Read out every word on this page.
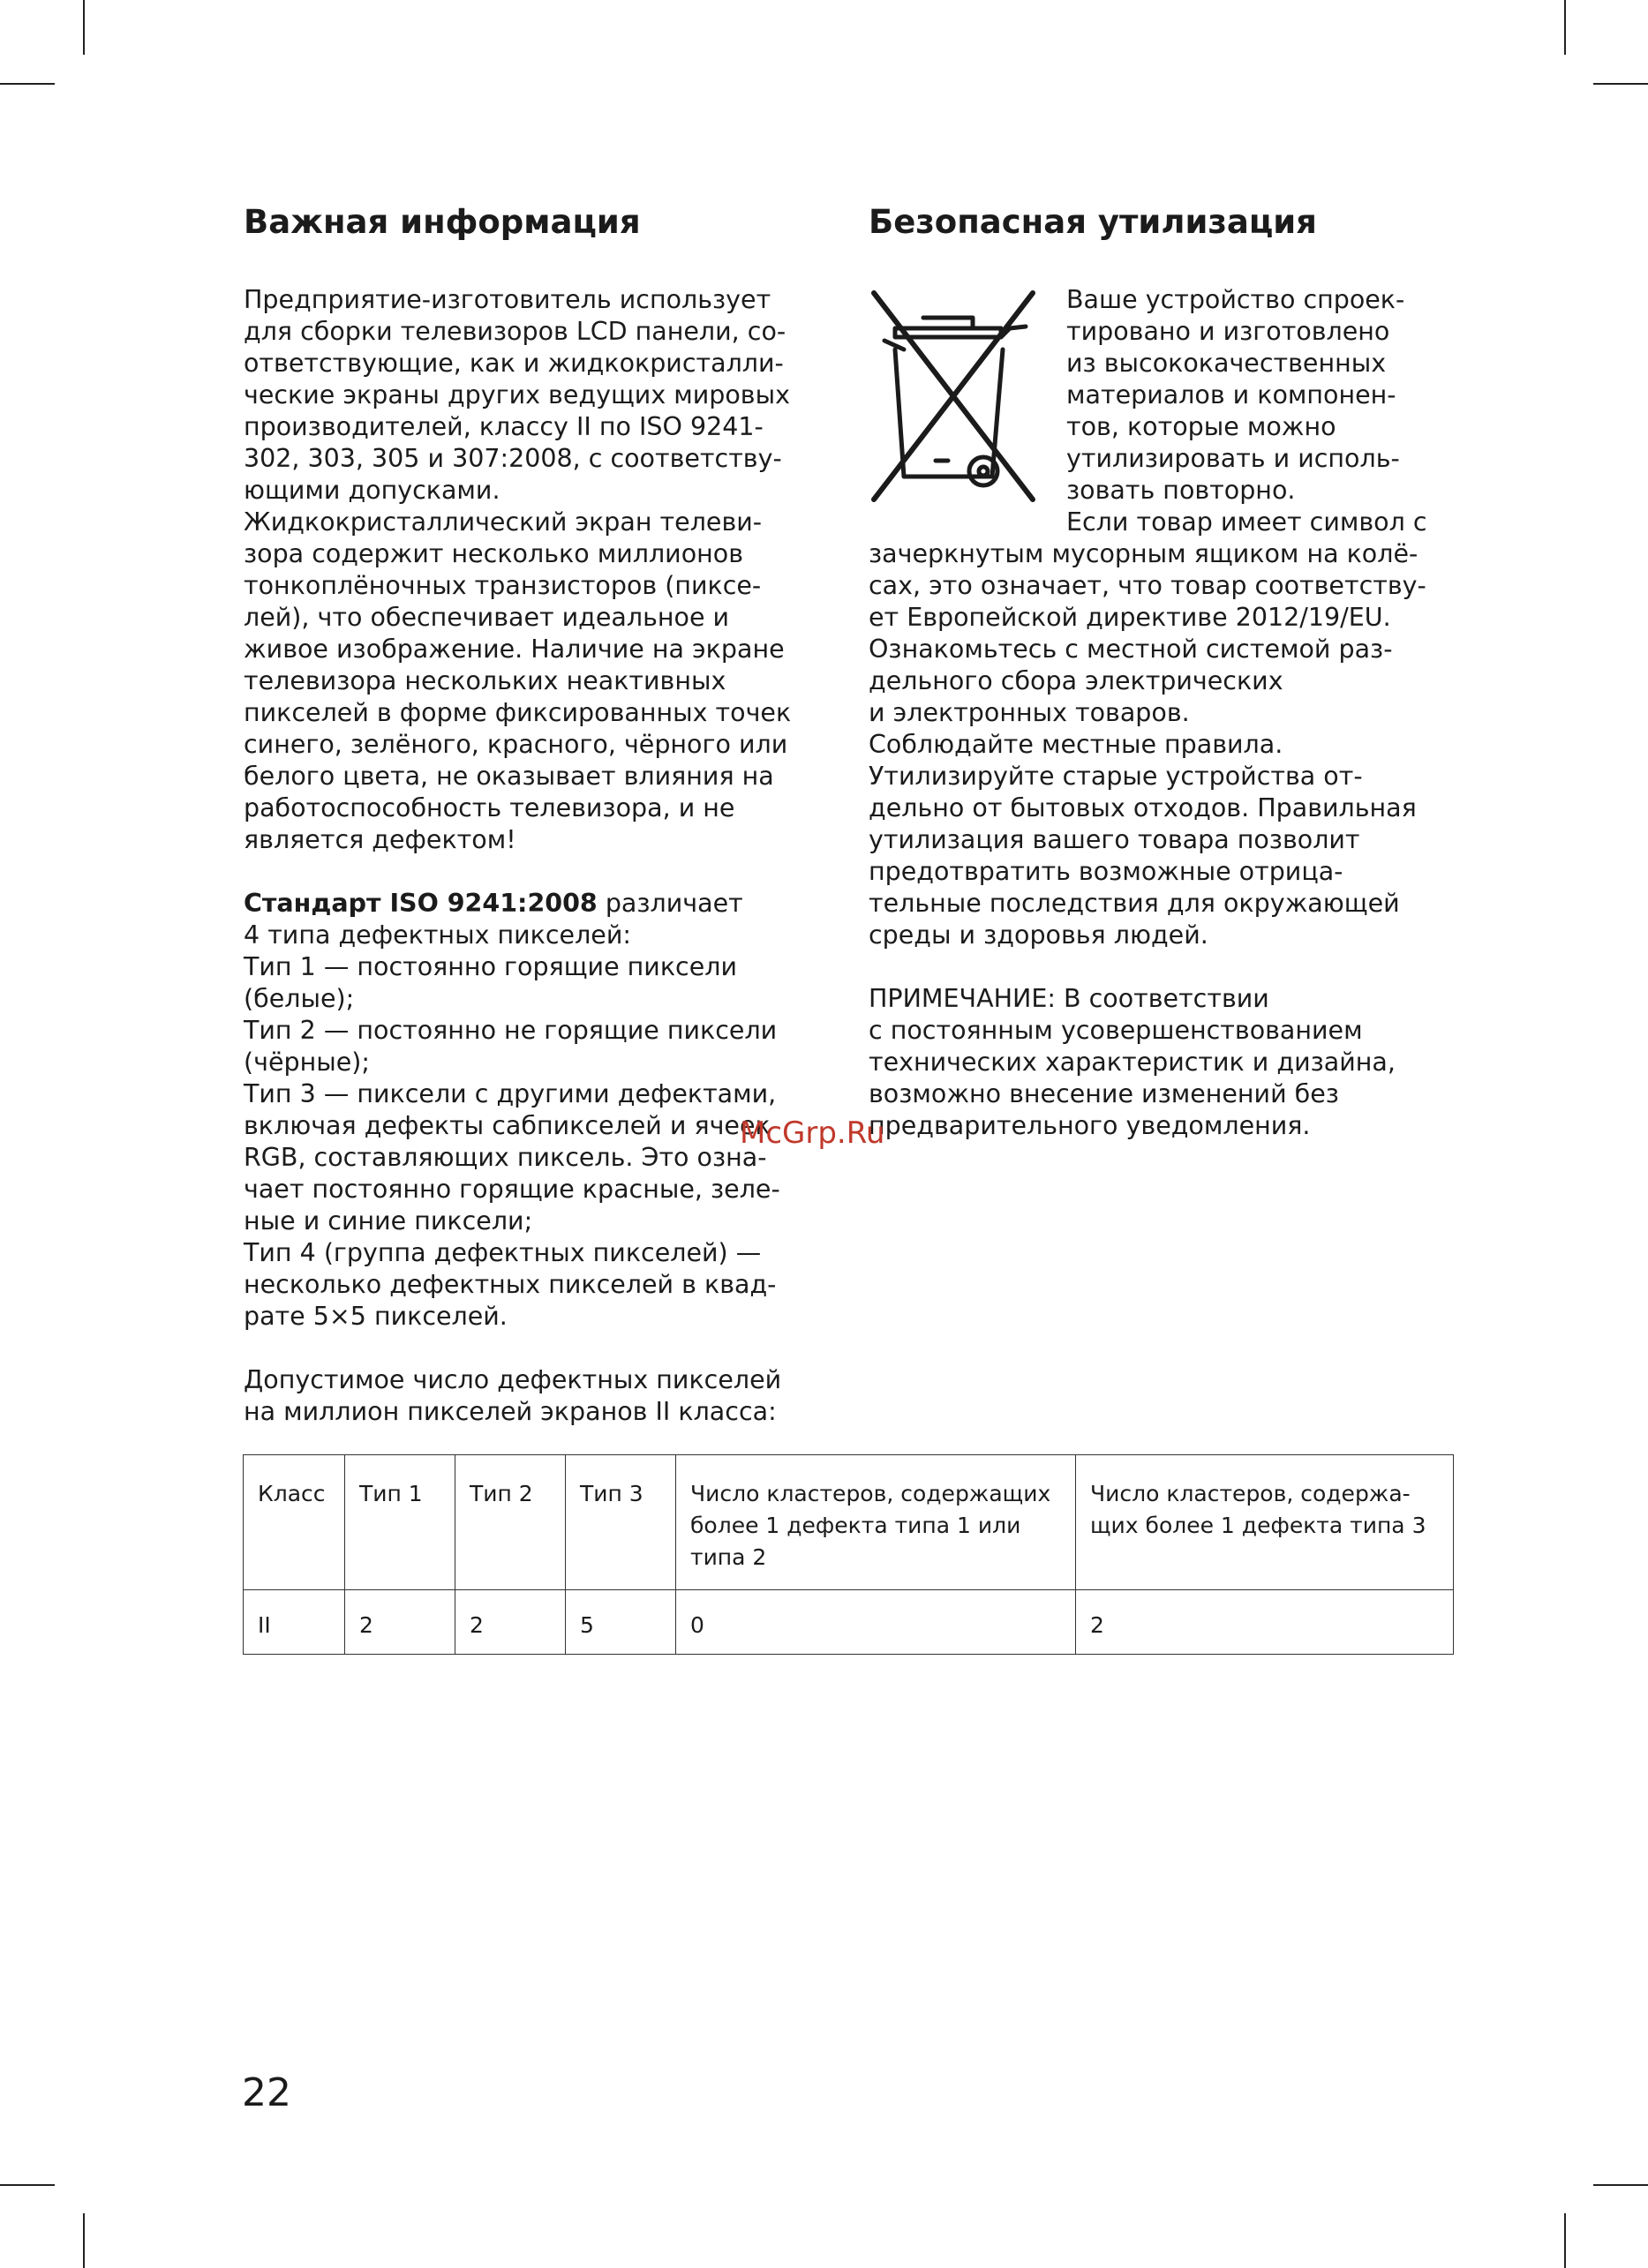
Важная информация

Предприятие-изготовитель использует
для сборки телевизоров LCD панели, со-
ответствующие, как и жидкокристалли-
ческие экраны других ведущих мировых
производителей, классу II по ISO 9241-
302, 303, 305 и 307:2008, с соответству-
ющими допусками.
Жидкокристаллический экран телеви-
зора содержит несколько миллионов
тонкоплёночных транзисторов (пиксе-
лей), что обеспечивает идеальное и
живое изображение. Наличие на экране
телевизора нескольких неактивных
пикселей в форме фиксированных точек
синего, зелёного, красного, чёрного или
белого цвета, не оказывает влияния на
работоспособность телевизора, и не
является дефектом!

Стандарт ISO 9241:2008 различает
4 типа дефектных пикселей:
Тип 1 — постоянно горящие пиксели
(белые);
Тип 2 — постоянно не горящие пиксели
(чёрные);
Тип 3 — пиксели с другими дефектами,
включая дефекты сабпикселей и ячеек
RGB, составляющих пиксель. Это озна-
чает постоянно горящие красные, зеле-
ные и синие пиксели;
Тип 4 (группа дефектных пикселей) —
несколько дефектных пикселей в квад-
рате 5×5 пикселей.

Допустимое число дефектных пикселей
на миллион пикселей экранов II класса:

Безопасная утилизация

Ваше устройство спроек-
тировано и изготовлено
из высококачественных
материалов и компонен-
тов, которые можно
утилизировать и исполь-
зовать повторно.
Если товар имеет символ с

зачеркнутым мусорным ящиком на колё-
сах, это означает, что товар соответству-
ет Европейской директиве 2012/19/EU.
Ознакомьтесь с местной системой раз-
дельного сбора электрических
и электронных товаров.
Соблюдайте местные правила.
Утилизируйте старые устройства от-
дельно от бытовых отходов. Правильная
утилизация вашего товара позволит
предотвратить возможные отрица-
тельные последствия для окружающей
среды и здоровья людей.

ПРИМЕЧАНИЕ: В соответствии
с постоянным усовершенствованием
технических характеристик и дизайна,
возможно внесение изменений без
предварительного уведомления.

McGrp.Ru
Класс	Тип 1	Тип 2	Тип 3	Число кластеров, содержащих
более 1 дефекта типа 1 или
типа 2	Число кластеров, содержа-
щих более 1 дефекта типа 3
II	2	2	5	0	2
22
